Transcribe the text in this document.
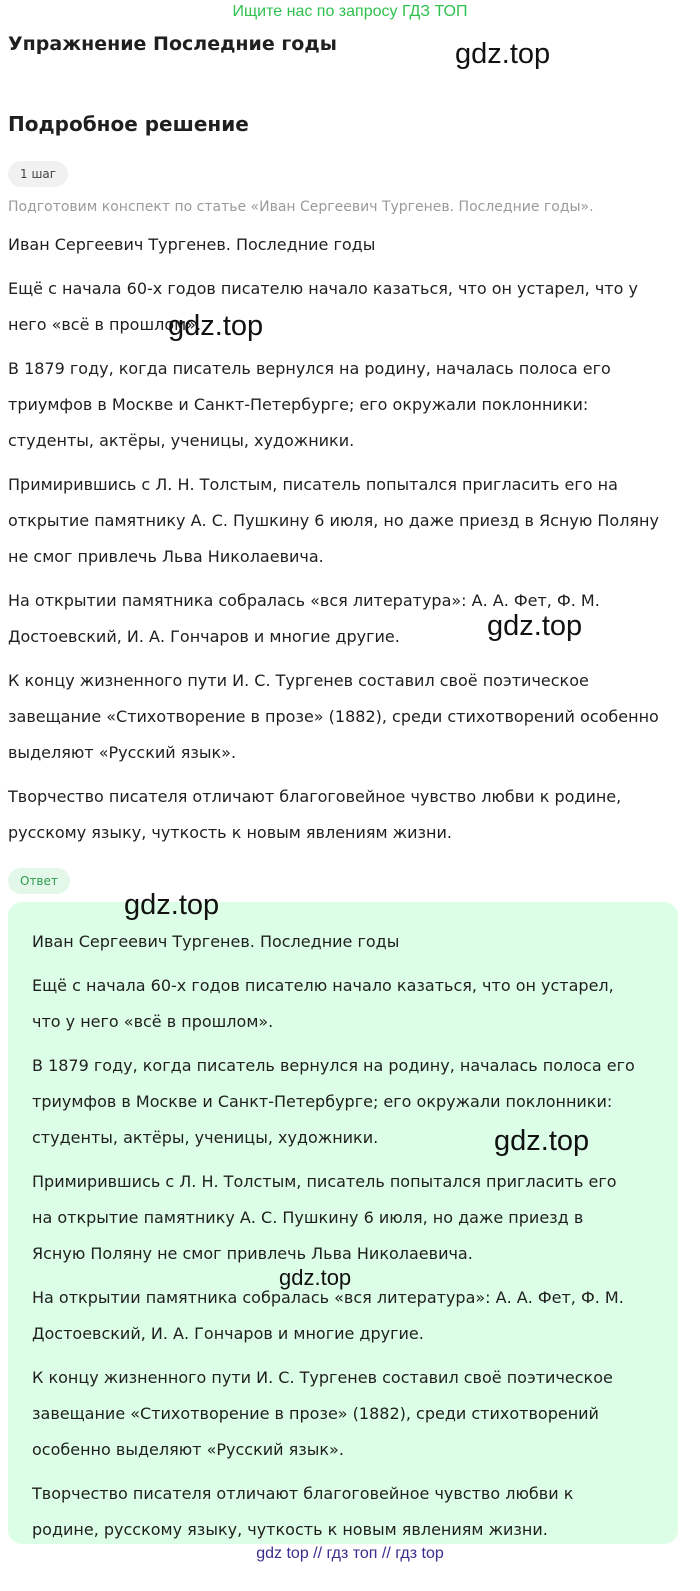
Ищите нас по запросу ГДЗ ТОП
Упражнение Последние годы	gdz.top
Подробное решение
1 шаг
Подготовим конспект по статье «Иван Сергеевич Тургенев. Последние годы».

Иван Сергеевич Тургенев. Последние годы

Ещё с начала 60-х годов писателю начало казаться, что он устарел, что у него «всё в прошлом».

В 1879 году, когда писатель вернулся на родину, началась полоса его триумфов в Москве и Санкт-Петербурге; его окружали поклонники: студенты, актёры, ученицы, художники.

Примирившись с Л. Н. Толстым, писатель попытался пригласить его на открытие памятнику А. С. Пушкину 6 июля, но даже приезд в Ясную Поляну не смог привлечь Льва Николаевича.

На открытии памятника собралась «вся литература»: А. А. Фет, Ф. М. Достоевский, И. А. Гончаров и многие другие.

К концу жизненного пути И. С. Тургенев составил своё поэтическое завещание «Стихотворение в прозе» (1882), среди стихотворений особенно выделяют «Русский язык».

Творчество писателя отличают благоговейное чувство любви к родине, русскому языку, чуткость к новым явлениям жизни.

gdz.top
gdz.top
Ответ

Иван Сергеевич Тургенев. Последние годы

Ещё с начала 60-х годов писателю начало казаться, что он устарел, что у него «всё в прошлом».

В 1879 году, когда писатель вернулся на родину, началась полоса его триумфов в Москве и Санкт-Петербурге; его окружали поклонники: студенты, актёры, ученицы, художники.

Примирившись с Л. Н. Толстым, писатель попытался пригласить его на открытие памятнику А. С. Пушкину 6 июля, но даже приезд в Ясную Поляну не смог привлечь Льва Николаевича.

На открытии памятника собралась «вся литература»: А. А. Фет, Ф. М. Достоевский, И. А. Гончаров и многие другие.

К концу жизненного пути И. С. Тургенев составил своё поэтическое завещание «Стихотворение в прозе» (1882), среди стихотворений особенно выделяют «Русский язык».

Творчество писателя отличают благоговейное чувство любви к родине, русскому языку, чуткость к новым явлениям жизни.

gdz.top
gdz.top
gdz.top
gdz top // гдз топ // гдз top
